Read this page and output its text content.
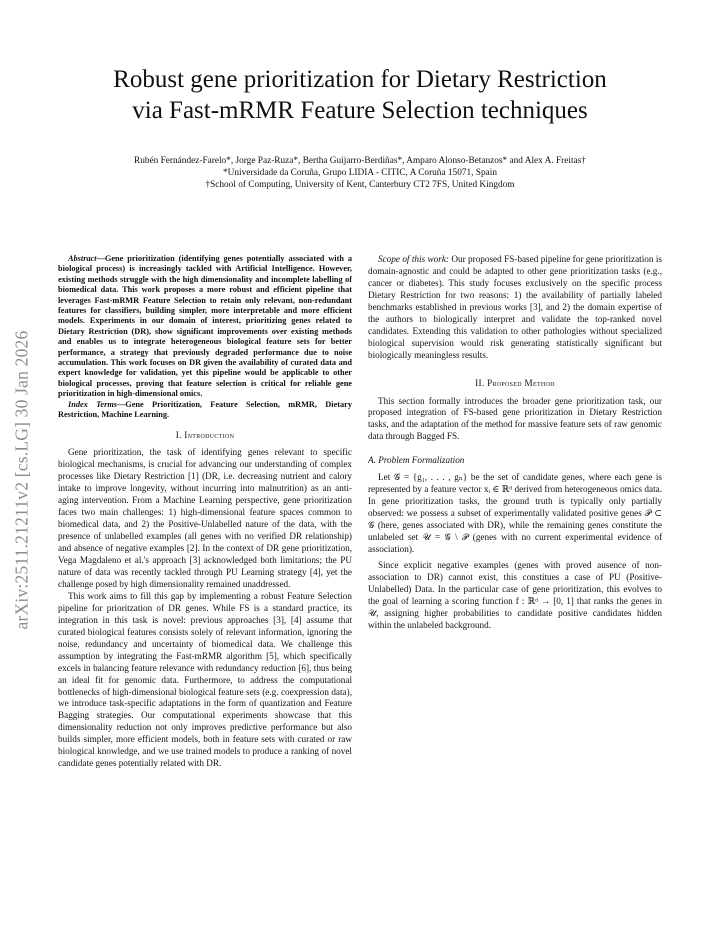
arXiv:2511.21211v2 [cs.LG] 30 Jan 2026
Robust gene prioritization for Dietary Restriction
via Fast-mRMR Feature Selection techniques
Rubén Fernández-Farelo*, Jorge Paz-Ruza*, Bertha Guijarro-Berdiñas*, Amparo Alonso-Betanzos* and Alex A. Freitas†
*Universidade da Coruña, Grupo LIDIA - CITIC, A Coruña 15071, Spain
†School of Computing, University of Kent, Canterbury CT2 7FS, United Kingdom

Abstract—Gene prioritization (identifying genes potentially associated with a biological process) is increasingly tackled with Artificial Intelligence. However, existing methods struggle with the high dimensionality and incomplete labelling of biomedical data. This work proposes a more robust and efficient pipeline that leverages Fast-mRMR Feature Selection to retain only relevant, non-redundant features for classifiers, building simpler, more interpretable and more efficient models. Experiments in our domain of interest, prioritizing genes related to Dietary Restriction (DR), show significant improvements over existing methods and enables us to integrate heterogeneous biological feature sets for better performance, a strategy that previously degraded performance due to noise accumulation. This work focuses on DR given the availability of curated data and expert knowledge for validation, yet this pipeline would be applicable to other biological processes, proving that feature selection is critical for reliable gene prioritization in high-dimensional omics.

Index Terms—Gene Prioritization, Feature Selection, mRMR, Dietary Restriction, Machine Learning.

I. Introduction

Gene prioritization, the task of identifying genes relevant to specific biological mechanisms, is crucial for advancing our understanding of complex processes like Dietary Restriction [1] (DR, i.e. decreasing nutrient and calory intake to improve longevity, without incurring into malnutrition) as an anti-aging intervention. From a Machine Learning perspective, gene prioritization faces two main challenges: 1) high-dimensional feature spaces common to biomedical data, and 2) the Positive-Unlabelled nature of the data, with the presence of unlabelled examples (all genes with no verified DR relationship) and absence of negative examples [2]. In the context of DR gene prioritization, Vega Magdaleno et al.'s approach [3] acknowledged both limitations; the PU nature of data was recently tackled through PU Learning strategy [4], yet the challenge posed by high dimensionality remained unaddressed.

This work aims to fill this gap by implementing a robust Feature Selection pipeline for prioritzation of DR genes. While FS is a standard practice, its integration in this task is novel: previous approaches [3], [4] assume that curated biological features consists solely of relevant information, ignoring the noise, redundancy and uncertainty of biomedical data. We challenge this assumption by integrating the Fast-mRMR algorithm [5], which specifically excels in balancing feature relevance with redundancy reduction [6], thus being an ideal fit for genomic data. Furthermore, to address the computational bottlenecks of high-dimensional biological feature sets (e.g. coexpression data), we introduce task-specific adaptations in the form of quantization and Feature Bagging strategies. Our computational experiments showcase that this dimensionality reduction not only improves predictive performance but also builds simpler, more efficient models, both in feature sets with curated or raw biological knowledge, and we use trained models to produce a ranking of novel candidate genes potentially related with DR.

Scope of this work: Our proposed FS-based pipeline for gene prioritization is domain-agnostic and could be adapted to other gene prioritization tasks (e.g., cancer or diabetes). This study focuses exclusively on the specific process Dietary Restriction for two reasons: 1) the availability of partially labeled benchmarks established in previous works [3], and 2) the domain expertise of the authors to biologically interpret and validate the top-ranked novel candidates. Extending this validation to other pathologies without specialized biological supervision would risk generating statistically significant but biologically meaningless results.

II. Proposed Method

This section formally introduces the broader gene prioritization task, our proposed integration of FS-based gene prioritization in Dietary Restriction tasks, and the adaptation of the method for massive feature sets of raw genomic data through Bagged FS.

A. Problem Formalization

Let 𝒢 = {g₁, . . . , gₙ} be the set of candidate genes, where each gene is represented by a feature vector xᵢ ∈ ℝᵈ derived from heterogeneous omics data. In gene prioritization tasks, the ground truth is typically only partially observed: we possess a subset of experimentally validated positive genes 𝒫 ⊂ 𝒢 (here, genes associated with DR), while the remaining genes constitute the unlabeled set 𝒰 = 𝒢 \ 𝒫 (genes with no current experimental evidence of association).

Since explicit negative examples (genes with proved ausence of non-association to DR) cannot exist, this constitues a case of PU (Positive-Unlabelled) Data. In the particular case of gene prioritization, this evolves to the goal of learning a scoring function f : ℝᵈ → [0, 1] that ranks the genes in 𝒰, assigning higher probabilities to candidate positive candidates hidden within the unlabeled background.
